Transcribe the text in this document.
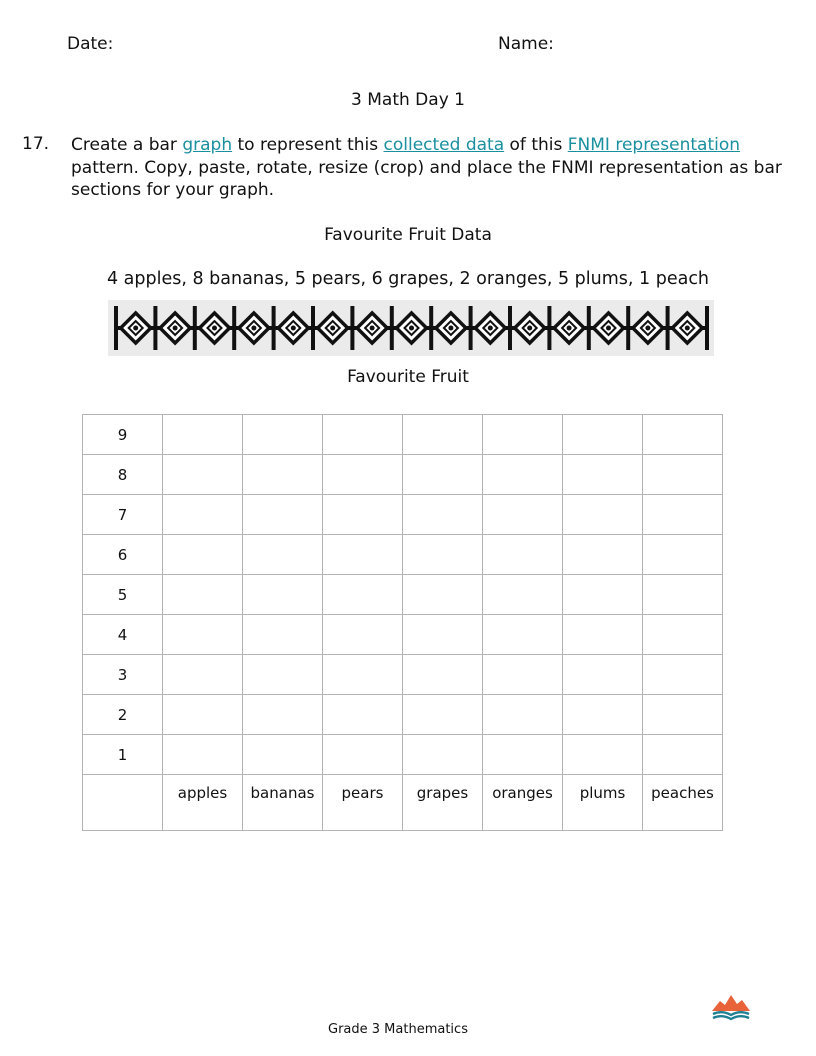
Date:	Name:
3 Math Day 1
17. Create a bar graph to represent this collected data of this FNMI representation pattern. Copy, paste, rotate, resize (crop) and place the FNMI representation as bar sections for your graph.
Favourite Fruit Data
4 apples, 8 bananas, 5 pears, 6 grapes, 2 oranges, 5 plums, 1 peach
Favourite Fruit
9							
8							
7							
6							
5							
4							
3							
2							
1							
	apples	bananas	pears	grapes	oranges	plums	peaches
Grade 3 Mathematics
